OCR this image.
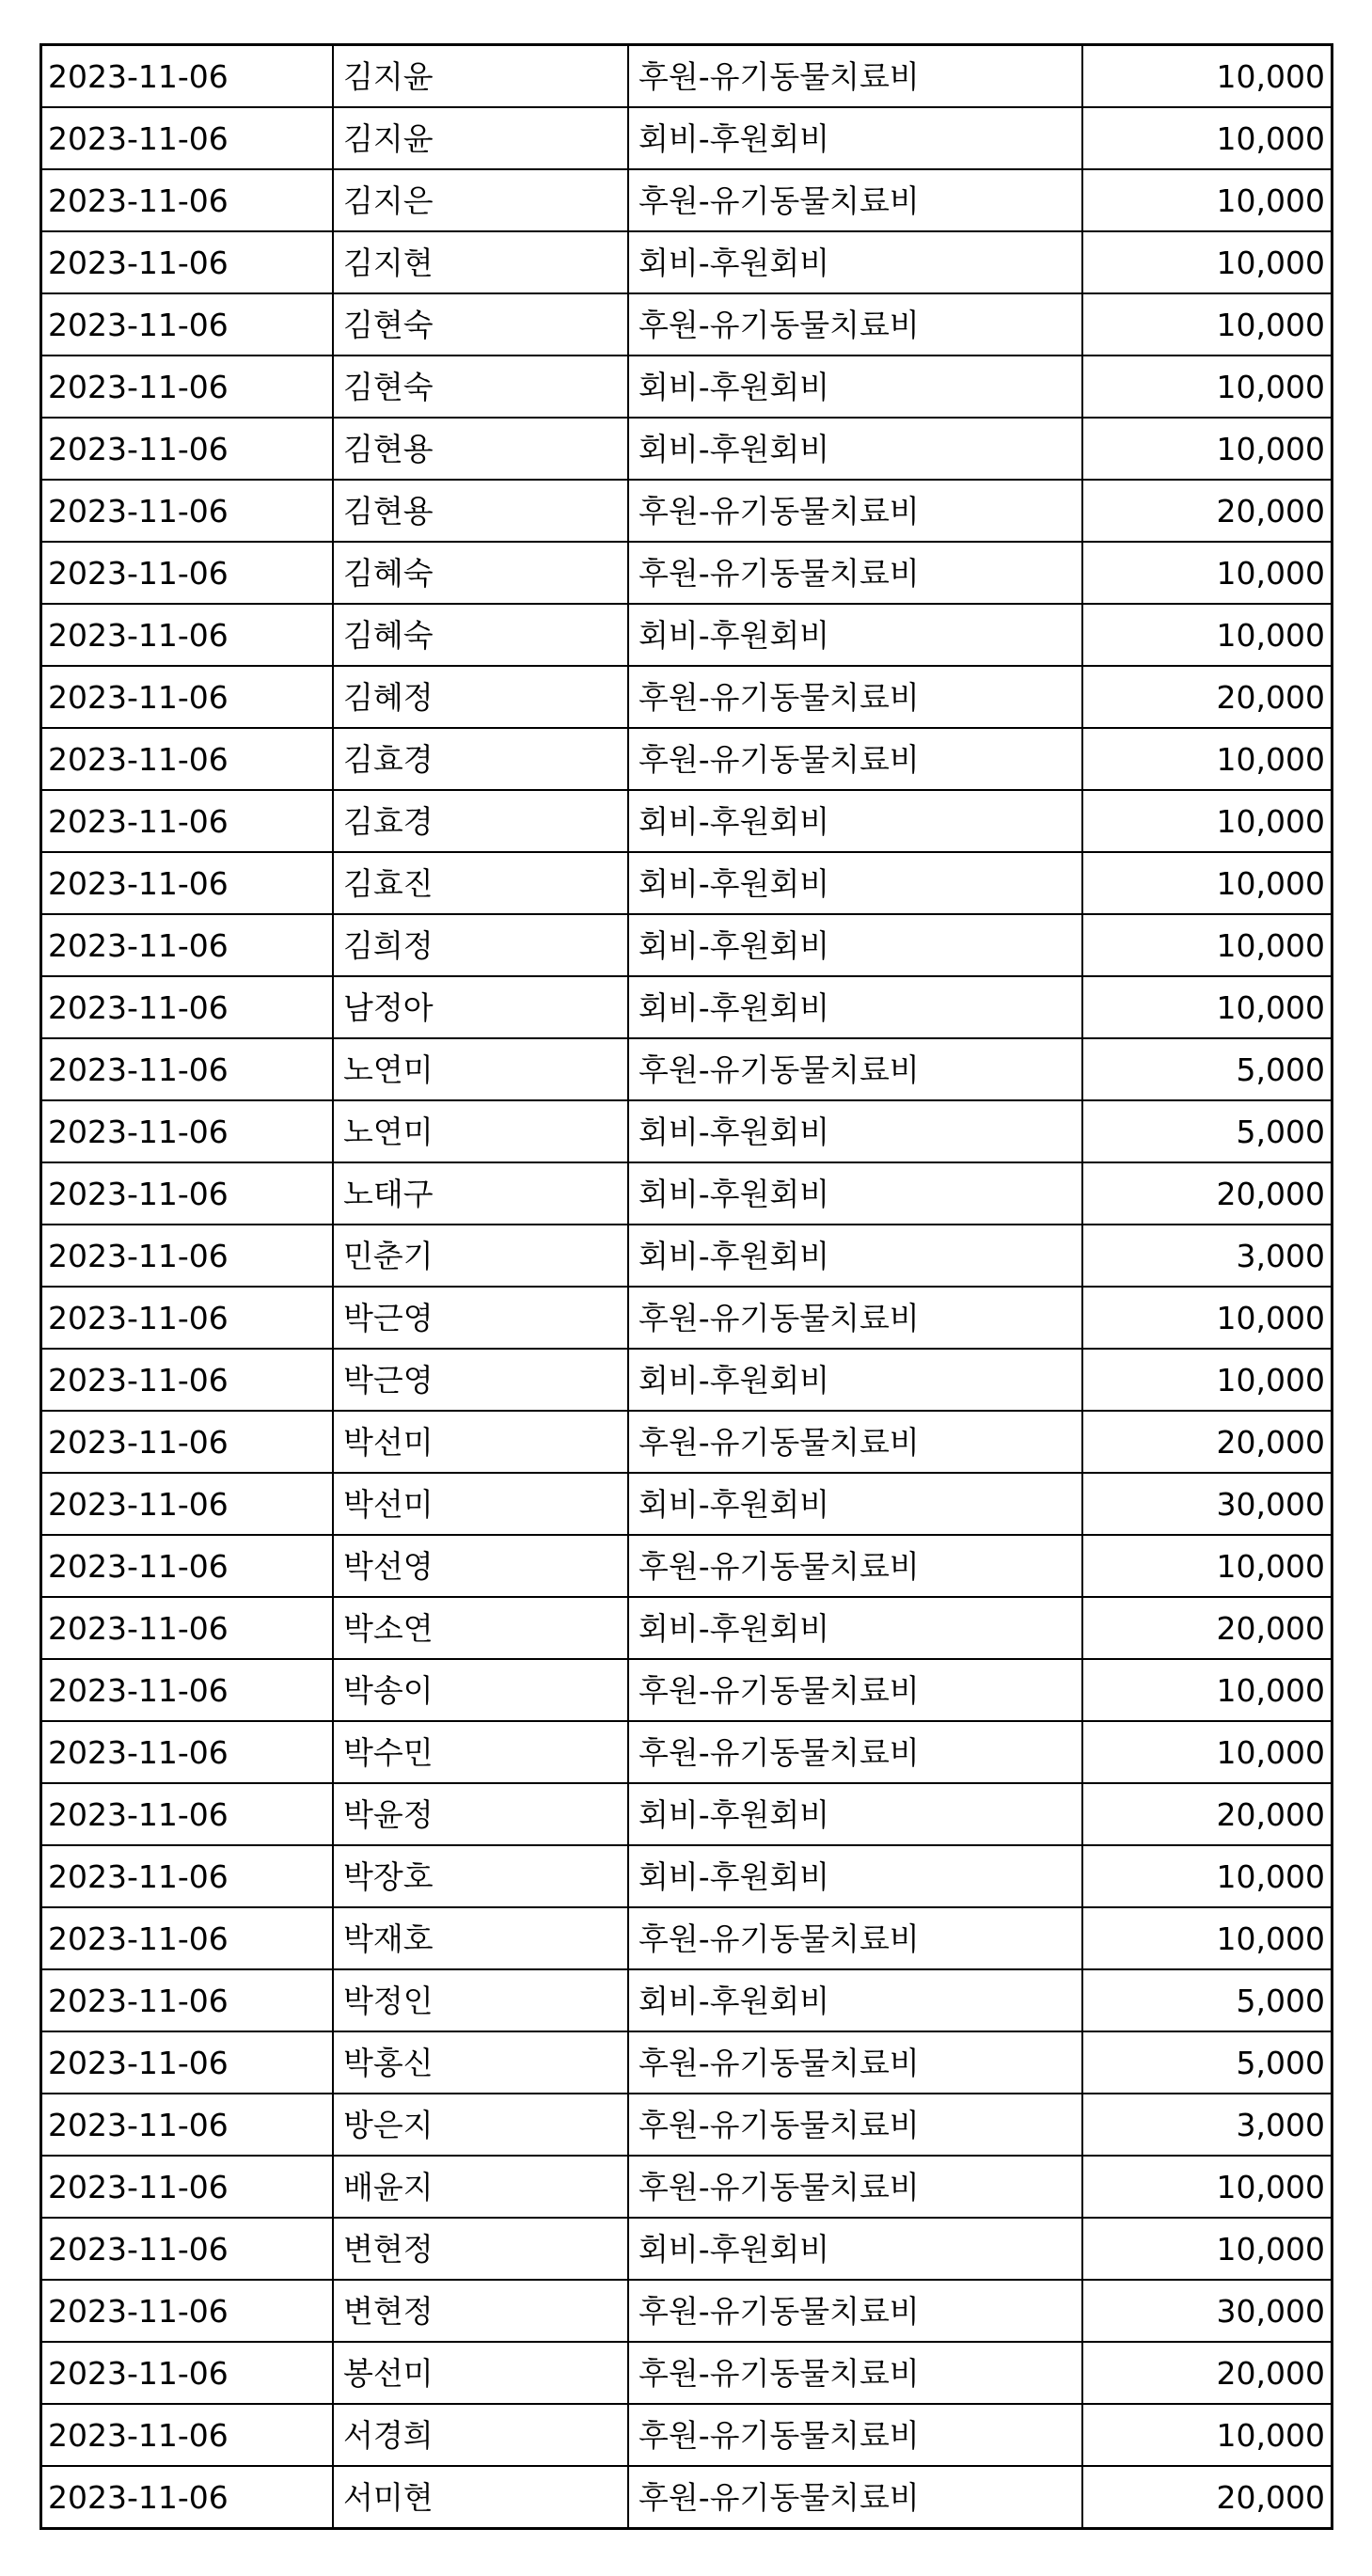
2023-11-06	김지윤	후원-유기동물치료비	10,000
2023-11-06	김지윤	회비-후원회비	10,000
2023-11-06	김지은	후원-유기동물치료비	10,000
2023-11-06	김지현	회비-후원회비	10,000
2023-11-06	김현숙	후원-유기동물치료비	10,000
2023-11-06	김현숙	회비-후원회비	10,000
2023-11-06	김현용	회비-후원회비	10,000
2023-11-06	김현용	후원-유기동물치료비	20,000
2023-11-06	김혜숙	후원-유기동물치료비	10,000
2023-11-06	김혜숙	회비-후원회비	10,000
2023-11-06	김혜정	후원-유기동물치료비	20,000
2023-11-06	김효경	후원-유기동물치료비	10,000
2023-11-06	김효경	회비-후원회비	10,000
2023-11-06	김효진	회비-후원회비	10,000
2023-11-06	김희정	회비-후원회비	10,000
2023-11-06	남정아	회비-후원회비	10,000
2023-11-06	노연미	후원-유기동물치료비	5,000
2023-11-06	노연미	회비-후원회비	5,000
2023-11-06	노태구	회비-후원회비	20,000
2023-11-06	민춘기	회비-후원회비	3,000
2023-11-06	박근영	후원-유기동물치료비	10,000
2023-11-06	박근영	회비-후원회비	10,000
2023-11-06	박선미	후원-유기동물치료비	20,000
2023-11-06	박선미	회비-후원회비	30,000
2023-11-06	박선영	후원-유기동물치료비	10,000
2023-11-06	박소연	회비-후원회비	20,000
2023-11-06	박송이	후원-유기동물치료비	10,000
2023-11-06	박수민	후원-유기동물치료비	10,000
2023-11-06	박윤정	회비-후원회비	20,000
2023-11-06	박장호	회비-후원회비	10,000
2023-11-06	박재호	후원-유기동물치료비	10,000
2023-11-06	박정인	회비-후원회비	5,000
2023-11-06	박홍신	후원-유기동물치료비	5,000
2023-11-06	방은지	후원-유기동물치료비	3,000
2023-11-06	배윤지	후원-유기동물치료비	10,000
2023-11-06	변현정	회비-후원회비	10,000
2023-11-06	변현정	후원-유기동물치료비	30,000
2023-11-06	봉선미	후원-유기동물치료비	20,000
2023-11-06	서경희	후원-유기동물치료비	10,000
2023-11-06	서미현	후원-유기동물치료비	20,000
